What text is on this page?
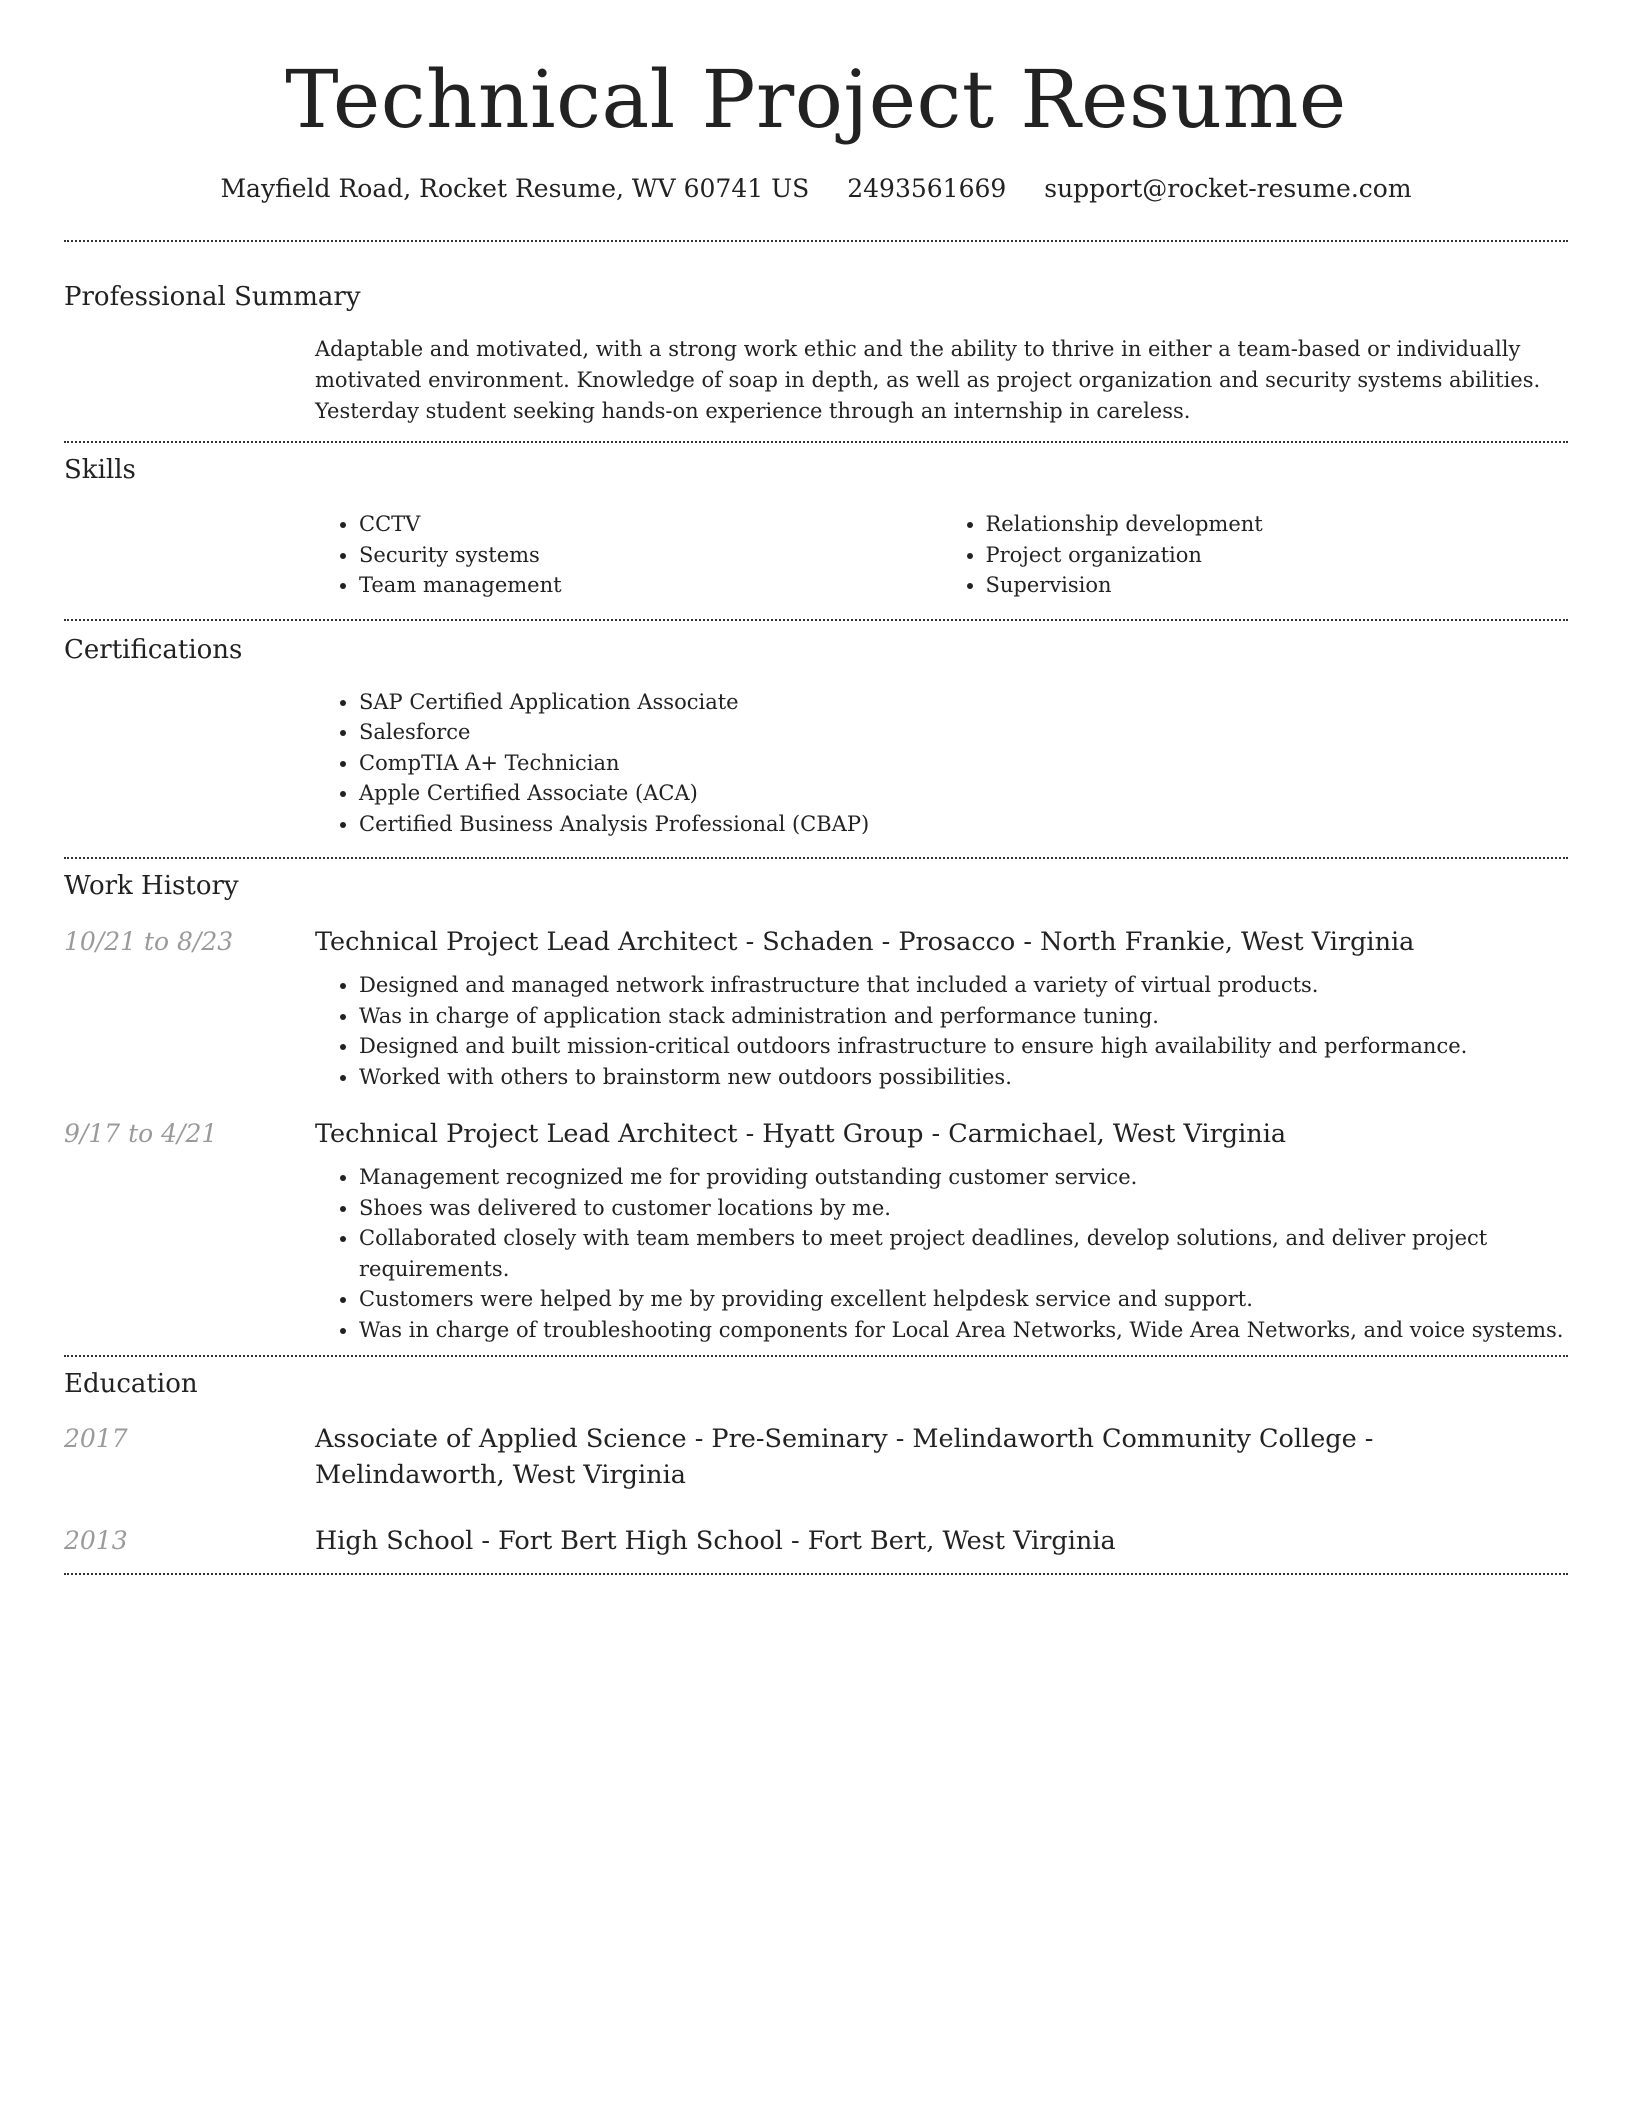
Technical Project Resume
Mayfield Road, Rocket Resume, WV 60741 US 2493561669 support@rocket-resume.com
Professional Summary

Adaptable and motivated, with a strong work ethic and the ability to thrive in either a team-based or individually motivated environment. Knowledge of soap in depth, as well as project organization and security systems abilities. Yesterday student seeking hands-on experience through an internship in careless.

Skills
• CCTV
• Security systems
• Team management
• Relationship development
• Project organization
• Supervision
Certifications
• SAP Certified Application Associate
• Salesforce
• CompTIA A+ Technician
• Apple Certified Associate (ACA)
• Certified Business Analysis Professional (CBAP)
Work History
10/21 to 8/23	Technical Project Lead Architect - Schaden - Prosacco - North Frankie, West Virginia

• Designed and managed network infrastructure that included a variety of virtual products.
• Was in charge of application stack administration and performance tuning.
• Designed and built mission-critical outdoors infrastructure to ensure high availability and performance.
• Worked with others to brainstorm new outdoors possibilities.
9/17 to 4/21	Technical Project Lead Architect - Hyatt Group - Carmichael, West Virginia

• Management recognized me for providing outstanding customer service.
• Shoes was delivered to customer locations by me.
• Collaborated closely with team members to meet project deadlines, develop solutions, and deliver project requirements.
• Customers were helped by me by providing excellent helpdesk service and support.
• Was in charge of troubleshooting components for Local Area Networks, Wide Area Networks, and voice systems.
Education
2017	Associate of Applied Science - Pre-Seminary - Melindaworth Community College - Melindaworth, West Virginia

2013	High School - Fort Bert High School - Fort Bert, West Virginia
